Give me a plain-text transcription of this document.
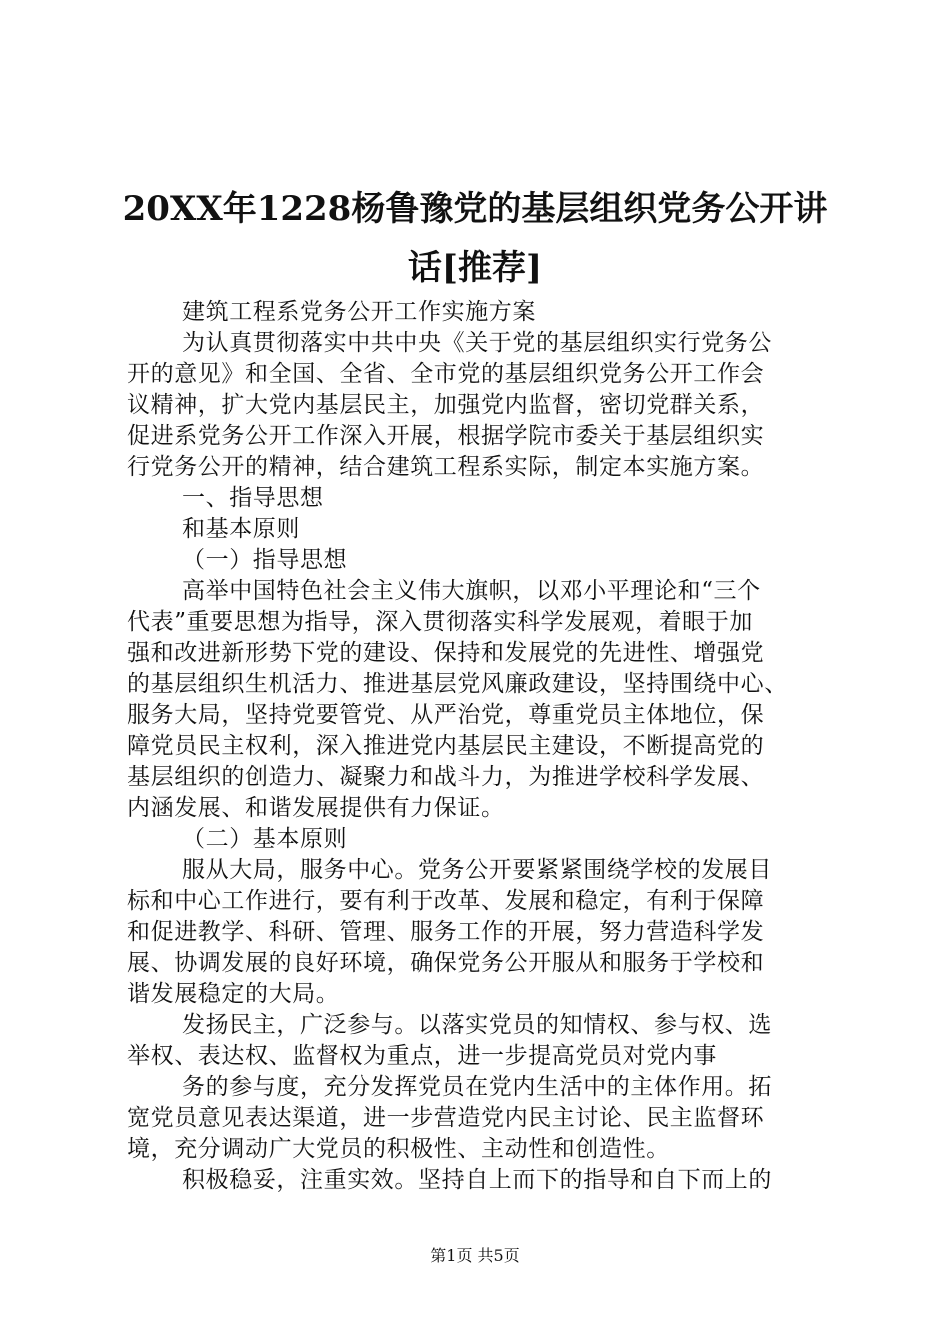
20XX年1228杨鲁豫党的基层组织党务公开讲
话[推荐]
建筑工程系党务公开工作实施方案
为认真贯彻落实中共中央《关于党的基层组织实行党务公
开的意见》和全国、全省、全市党的基层组织党务公开工作会
议精神，扩大党内基层民主，加强党内监督，密切党群关系，
促进系党务公开工作深入开展，根据学院市委关于基层组织实
行党务公开的精神，结合建筑工程系实际，制定本实施方案。
一、指导思想
和基本原则
（一）指导思想
高举中国特色社会主义伟大旗帜，以邓小平理论和“三个
代表”重要思想为指导，深入贯彻落实科学发展观，着眼于加
强和改进新形势下党的建设、保持和发展党的先进性、增强党
的基层组织生机活力、推进基层党风廉政建设，坚持围绕中心、
服务大局，坚持党要管党、从严治党，尊重党员主体地位，保
障党员民主权利，深入推进党内基层民主建设，不断提高党的
基层组织的创造力、凝聚力和战斗力，为推进学校科学发展、
内涵发展、和谐发展提供有力保证。
（二）基本原则
服从大局，服务中心。党务公开要紧紧围绕学校的发展目
标和中心工作进行，要有利于改革、发展和稳定，有利于保障
和促进教学、科研、管理、服务工作的开展，努力营造科学发
展、协调发展的良好环境，确保党务公开服从和服务于学校和
谐发展稳定的大局。
发扬民主，广泛参与。以落实党员的知情权、参与权、选
举权、表达权、监督权为重点，进一步提高党员对党内事
务的参与度，充分发挥党员在党内生活中的主体作用。拓
宽党员意见表达渠道，进一步营造党内民主讨论、民主监督环
境，充分调动广大党员的积极性、主动性和创造性。
积极稳妥，注重实效。坚持自上而下的指导和自下而上的
第1页 共5页
